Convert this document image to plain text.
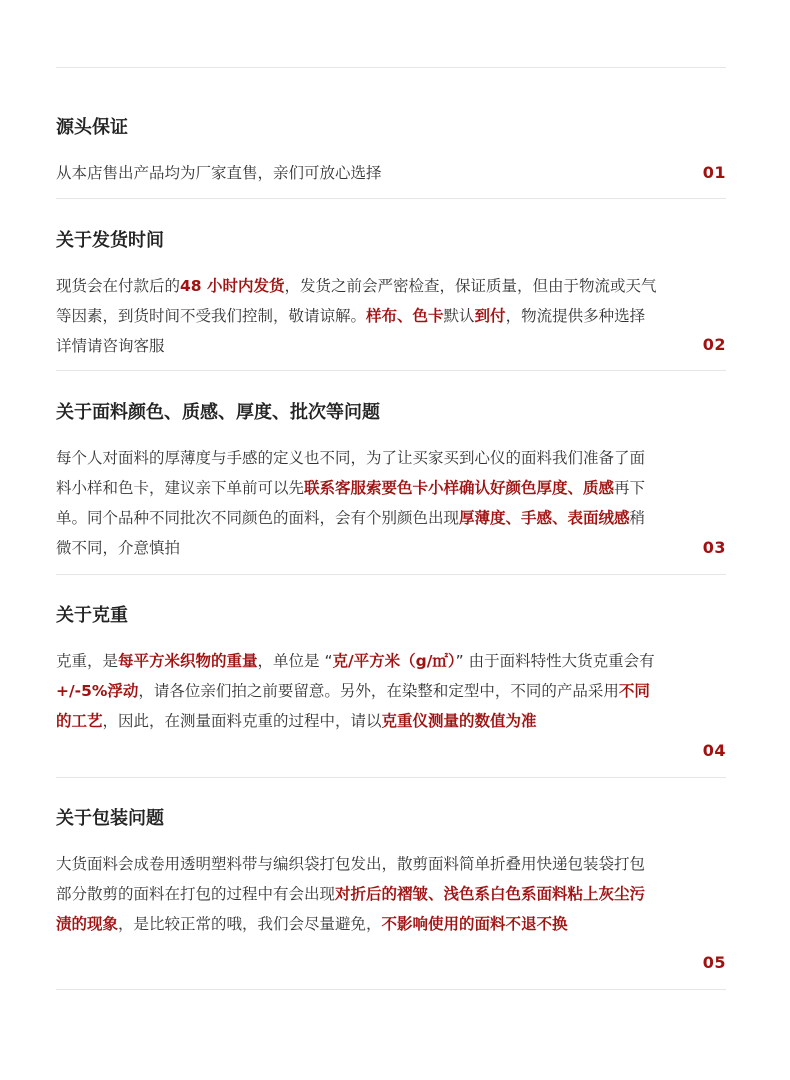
源头保证
从本店售出产品均为厂家直售，亲们可放心选择	01
关于发货时间
现货会在付款后的48 小时内发货，发货之前会严密检查，保证质量，但由于物流或天气等因素，到货时间不受我们控制，敬请谅解。样布、色卡默认到付，物流提供多种选择详情请咨询客服	02
关于面料颜色、质感、厚度、批次等问题
每个人对面料的厚薄度与手感的定义也不同，为了让买家买到心仪的面料我们准备了面料小样和色卡，建议亲下单前可以先联系客服索要色卡小样确认好颜色厚度、质感再下单。同个品种不同批次不同颜色的面料，会有个别颜色出现厚薄度、手感、表面绒感稍微不同，介意慎拍	03
关于克重
克重，是每平方米织物的重量，单位是 “克/平方米（g/㎡）” 由于面料特性大货克重会有 +/-5%浮动，请各位亲们拍之前要留意。另外，在染整和定型中，不同的产品采用不同的工艺，因此，在测量面料克重的过程中，请以克重仪测量的数值为准
04
关于包装问题
大货面料会成卷用透明塑料带与编织袋打包发出，散剪面料简单折叠用快递包装袋打包部分散剪的面料在打包的过程中有会出现对折后的褶皱、浅色系白色系面料粘上灰尘污渍的现象，是比较正常的哦，我们会尽量避免，不影响使用的面料不退不换
05
